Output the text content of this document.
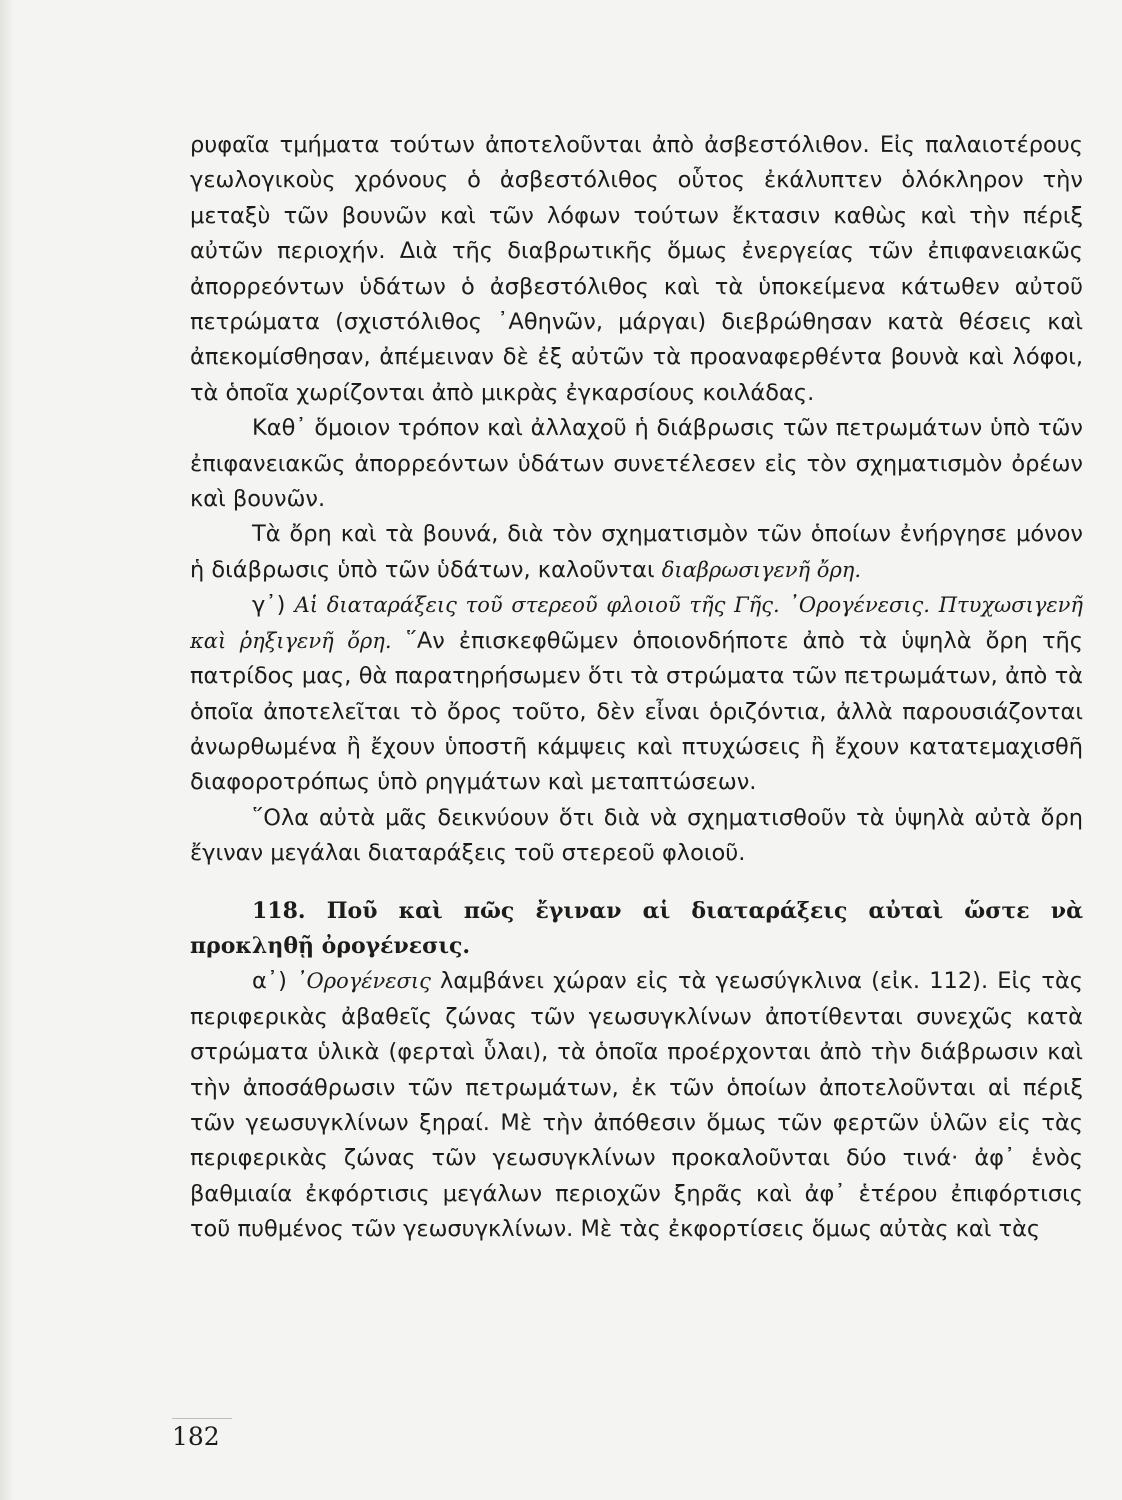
ρυφαῖα τμήματα τούτων ἀποτελοῦνται ἀπὸ ἀσβεστόλιθον. Εἰς παλαιοτέρους γεωλογικοὺς χρόνους ὁ ἀσβεστόλιθος οὗτος ἐκάλυπτεν ὁλόκληρον τὴν μεταξὺ τῶν βουνῶν καὶ τῶν λόφων τούτων ἔκτασιν καθὼς καὶ τὴν πέριξ αὐτῶν περιοχήν. Διὰ τῆς διαβρωτικῆς ὅμως ἐνεργείας τῶν ἐπιφανειακῶς ἀπορρεόντων ὑδάτων ὁ ἀσβεστόλιθος καὶ τὰ ὑποκείμενα κάτωθεν αὐτοῦ πετρώματα (σχιστόλιθος ᾿Αθηνῶν, μάργαι) διεβρώθησαν κατὰ θέσεις καὶ ἀπεκομίσθησαν, ἀπέμειναν δὲ ἐξ αὐτῶν τὰ προαναφερθέντα βουνὰ καὶ λόφοι, τὰ ὁποῖα χωρίζονται ἀπὸ μικρὰς ἐγκαρσίους κοιλάδας.

Καθ᾿ ὅμοιον τρόπον καὶ ἀλλαχοῦ ἡ διάβρωσις τῶν πετρωμάτων ὑπὸ τῶν ἐπιφανειακῶς ἀπορρεόντων ὑδάτων συνετέλεσεν εἰς τὸν σχηματισμὸν ὀρέων καὶ βουνῶν.

Τὰ ὄρη καὶ τὰ βουνά, διὰ τὸν σχηματισμὸν τῶν ὁποίων ἐνήργησε μόνον ἡ διάβρωσις ὑπὸ τῶν ὑδάτων, καλοῦνται διαβρωσιγενῆ ὄρη.

γ᾿) Αἱ διαταράξεις τοῦ στερεοῦ φλοιοῦ τῆς Γῆς. ᾿Ορογένεσις. Πτυχωσιγενῆ καὶ ῥηξιγενῆ ὄρη. ῞Αν ἐπισκεφθῶμεν ὁποιονδήποτε ἀπὸ τὰ ὑψηλὰ ὄρη τῆς πατρίδος μας, θὰ παρατηρήσωμεν ὅτι τὰ στρώματα τῶν πετρωμάτων, ἀπὸ τὰ ὁποῖα ἀποτελεῖται τὸ ὄρος τοῦτο, δὲν εἶναι ὁριζόντια, ἀλλὰ παρουσιάζονται ἀνωρθωμένα ἢ ἔχουν ὑποστῆ κάμψεις καὶ πτυχώσεις ἢ ἔχουν κατατεμαχισθῆ διαφοροτρόπως ὑπὸ ρηγμάτων καὶ μεταπτώσεων.

῞Ολα αὐτὰ μᾶς δεικνύουν ὅτι διὰ νὰ σχηματισθοῦν τὰ ὑψηλὰ αὐτὰ ὄρη ἔγιναν μεγάλαι διαταράξεις τοῦ στερεοῦ φλοιοῦ.

118. Ποῦ καὶ πῶς ἔγιναν αἱ διαταράξεις αὐταὶ ὥστε νὰ προκληθῇ ὀρογένεσις.

α᾿) ᾿Ορογένεσις λαμβάνει χώραν εἰς τὰ γεωσύγκλινα (εἰκ. 112). Εἰς τὰς περιφερικὰς ἀβαθεῖς ζώνας τῶν γεωσυγκλίνων ἀποτίθενται συνεχῶς κατὰ στρώματα ὑλικὰ (φερταὶ ὗλαι), τὰ ὁποῖα προέρχονται ἀπὸ τὴν διάβρωσιν καὶ τὴν ἀποσάθρωσιν τῶν πετρωμάτων, ἐκ τῶν ὁποίων ἀποτελοῦνται αἱ πέριξ τῶν γεωσυγκλίνων ξηραί. Μὲ τὴν ἀπόθεσιν ὅμως τῶν φερτῶν ὑλῶν εἰς τὰς περιφερικὰς ζώνας τῶν γεωσυγκλίνων προκαλοῦνται δύο τινά· ἀφ᾿ ἑνὸς βαθμιαία ἐκφόρτισις μεγάλων περιοχῶν ξηρᾶς καὶ ἀφ᾿ ἑτέρου ἐπιφόρτισις τοῦ πυθμένος τῶν γεωσυγκλίνων. Μὲ τὰς ἐκφορτίσεις ὅμως αὐτὰς καὶ τὰς

182
